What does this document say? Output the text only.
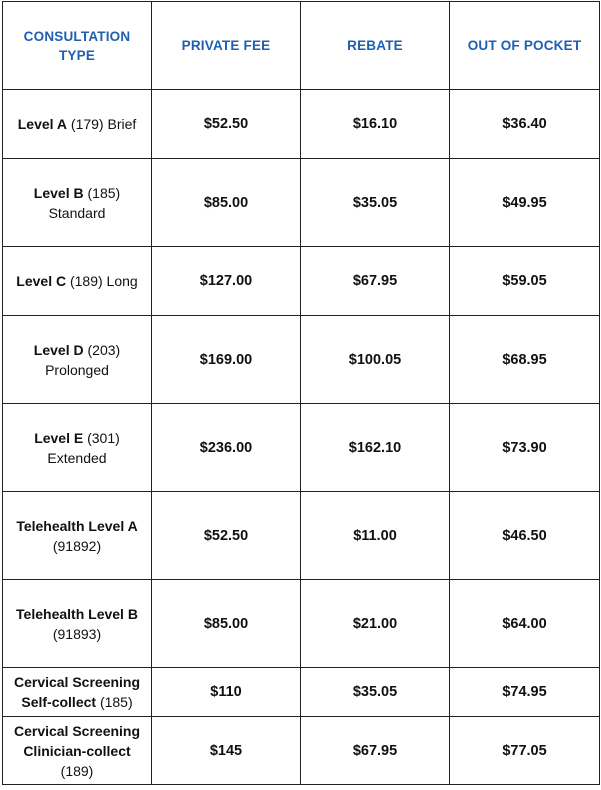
CONSULTATION TYPE	PRIVATE FEE	REBATE	OUT OF POCKET
Level A (179) Brief	$52.50	$16.10	$36.40
Level B (185) Standard	$85.00	$35.05	$49.95
Level C (189) Long	$127.00	$67.95	$59.05
Level D (203) Prolonged	$169.00	$100.05	$68.95
Level E (301) Extended	$236.00	$162.10	$73.90
Telehealth Level A (91892)	$52.50	$11.00	$46.50
Telehealth Level B (91893)	$85.00	$21.00	$64.00
Cervical Screening Self-collect (185)	$110	$35.05	$74.95
Cervical Screening Clinician-collect (189)	$145	$67.95	$77.05
